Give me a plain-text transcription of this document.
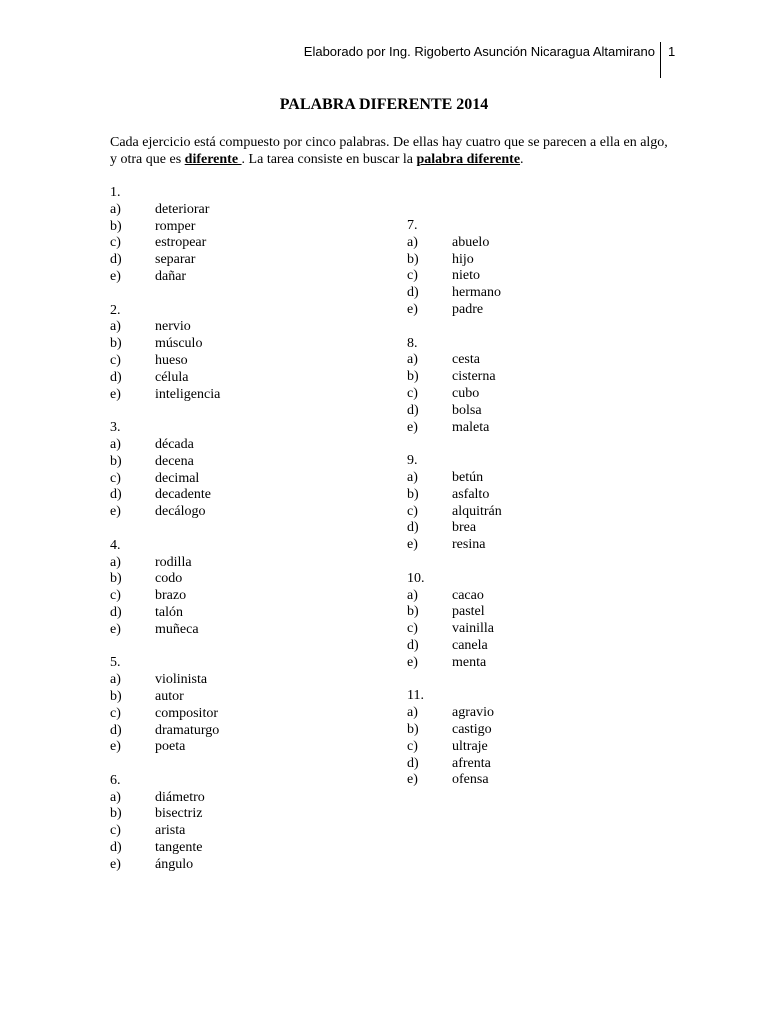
Elaborado por Ing. Rigoberto Asunción Nicaragua Altamirano 1
PALABRA DIFERENTE 2014
Cada ejercicio está compuesto por cinco palabras. De ellas hay cuatro que se parecen a ella en algo, y otra que es diferente . La tarea consiste en buscar la palabra diferente.
1.
a) deteriorar
b) romper
c) estropear
d) separar
e) dañar
2.
a) nervio
b) músculo
c) hueso
d) célula
e) inteligencia
3.
a) década
b) decena
c) decimal
d) decadente
e) decálogo
4.
a) rodilla
b) codo
c) brazo
d) talón
e) muñeca
5.
a) violinista
b) autor
c) compositor
d) dramaturgo
e) poeta
6.
a) diámetro
b) bisectriz
c) arista
d) tangente
e) ángulo
7.
a) abuelo
b) hijo
c) nieto
d) hermano
e) padre
8.
a) cesta
b) cisterna
c) cubo
d) bolsa
e) maleta
9.
a) betún
b) asfalto
c) alquitrán
d) brea
e) resina
10.
a) cacao
b) pastel
c) vainilla
d) canela
e) menta
11.
a) agravio
b) castigo
c) ultraje
d) afrenta
e) ofensa
